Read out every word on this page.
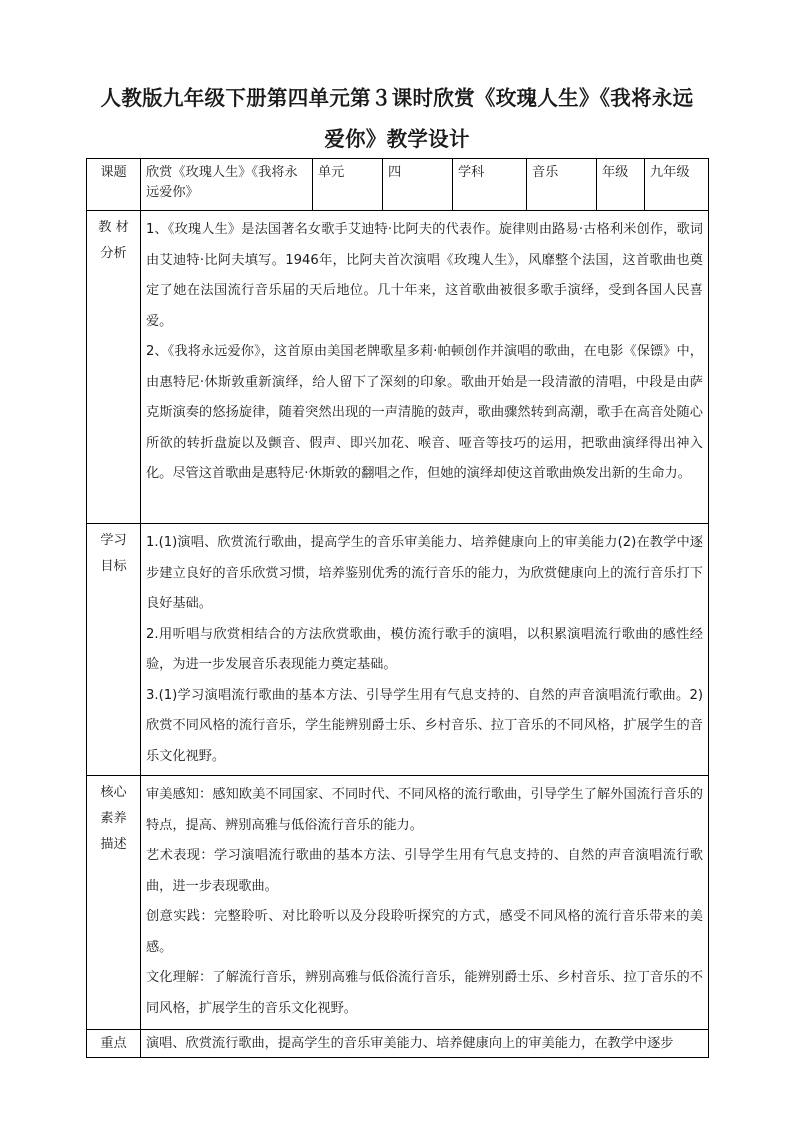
人教版九年级下册第四单元第３课时欣赏《玫瑰人生》《我将永远
爱你》教学设计
课题	欣赏《玫瑰人生》《我将永远爱你》	单元	四	学科	音乐	年级	九年级
教 材 分析	1、《玫瑰人生》是法国著名女歌手艾迪特·比阿夫的代表作。旋律则由路易·古格利米创作，歌词由艾迪特·比阿夫填写。1946年，比阿夫首次演唱《玫瑰人生》，风靡整个法国，这首歌曲也奠定了她在法国流行音乐届的天后地位。几十年来，这首歌曲被很多歌手演绎，受到各国人民喜爱。
2、《我将永远爱你》，这首原由美国老牌歌星多莉·帕顿创作并演唱的歌曲，在电影《保镖》中，由惠特尼·休斯敦重新演绎，给人留下了深刻的印象。歌曲开始是一段清澈的清唱，中段是由萨克斯演奏的悠扬旋律，随着突然出现的一声清脆的鼓声，歌曲骤然转到高潮，歌手在高音处随心所欲的转折盘旋以及颤音、假声、即兴加花、喉音、哑音等技巧的运用，把歌曲演绎得出神入化。尽管这首歌曲是惠特尼·休斯敦的翻唱之作，但她的演绎却使这首歌曲焕发出新的生命力。						

学习 目标	1.(1)演唱、欣赏流行歌曲，提高学生的音乐审美能力、培养健康向上的审美能力(2)在教学中逐步建立良好的音乐欣赏习惯，培养鉴别优秀的流行音乐的能力，为欣赏健康向上的流行音乐打下良好基础。
2.用听唱与欣赏相结合的方法欣赏歌曲，模仿流行歌手的演唱，以积累演唱流行歌曲的感性经验，为进一步发展音乐表现能力奠定基础。
3.(1)学习演唱流行歌曲的基本方法、引导学生用有气息支持的、自然的声音演唱流行歌曲。2)欣赏不同风格的流行音乐，学生能辨别爵士乐、乡村音乐、拉丁音乐的不同风格，扩展学生的音乐文化视野。						

核心 素养 描述	审美感知：感知欧美不同国家、不同时代、不同风格的流行歌曲，引导学生了解外国流行音乐的特点，提高、辨别高雅与低俗流行音乐的能力。
艺术表现：学习演唱流行歌曲的基本方法、引导学生用有气息支持的、自然的声音演唱流行歌曲，进一步表现歌曲。
创意实践：完整聆听、对比聆听以及分段聆听探究的方式，感受不同风格的流行音乐带来的美感。
文化理解：了解流行音乐，辨别高雅与低俗流行音乐，能辨别爵士乐、乡村音乐、拉丁音乐的不同风格，扩展学生的音乐文化视野。						

重点	演唱、欣赏流行歌曲，提高学生的音乐审美能力、培养健康向上的审美能力，在教学中逐步						
